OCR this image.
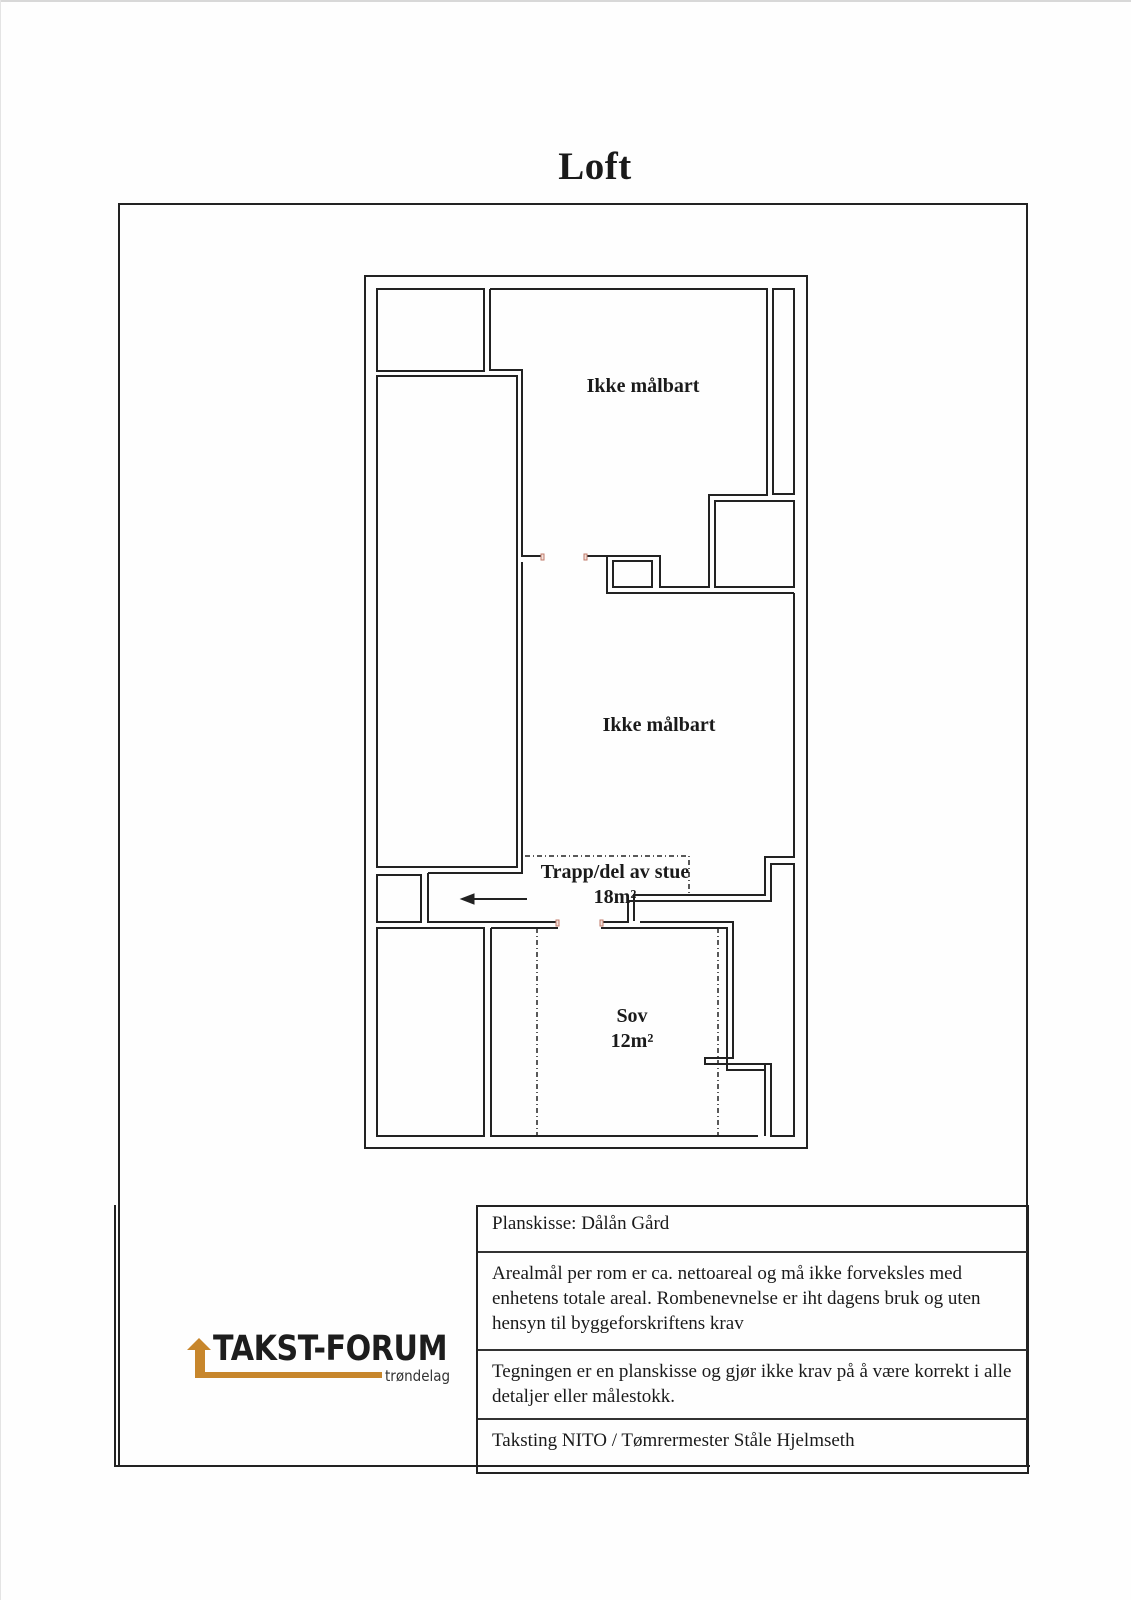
Loft
Ikke målbart
Ikke målbart
Trapp/del av stue
18m²
Sov
12m²
TAKST-FORUM
trøndelag
Planskisse: Dålån Gård
Arealmål per rom er ca. nettoareal og må ikke forveksles med enhetens totale areal. Rombenevnelse er iht dagens bruk og uten hensyn til byggeforskriftens krav
Tegningen er en planskisse og gjør ikke krav på å være korrekt i alle detaljer eller målestokk.
Taksting NITO / Tømrermester Ståle Hjelmseth
